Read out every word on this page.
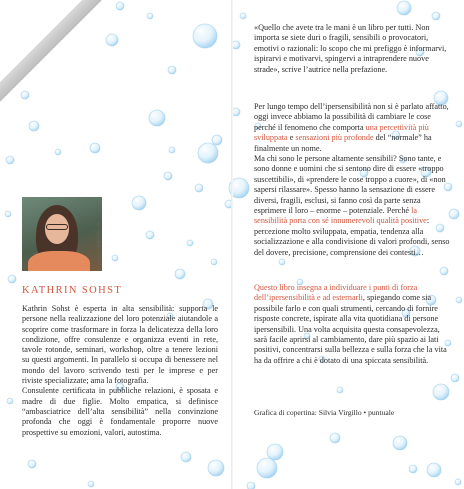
© www.KathrinSohst.de
KATHRIN SOHST

Kathrin Sohst è esperta in alta sensibilità: supporta le persone nella realizzazione del loro potenziale aiutandole a scoprire come trasformare in forza la delicatezza della loro condizione, offre consulenze e organizza eventi in rete, tavole rotonde, seminari, workshop, oltre a tenere lezioni su questi argomenti. In parallelo si occupa di benessere nel mondo del lavoro scrivendo testi per le imprese e per riviste specializzate; ama la fotografia.

Consulente certificata in pubbliche relazioni, è sposata e madre di due figlie. Molto empatica, si definisce “ambasciatrice dell’alta sensibilità” nella convinzione profonda che oggi è fondamentale proporre nuove prospettive su emozioni, valori, autostima.

«Quello che avete tra le mani è un libro per tutti. Non importa se siete duri o fragili, sensibili o provocatori, emotivi o razionali: lo scopo che mi prefiggo è informarvi, ispirarvi e motivarvi, spingervi a intraprendere nuove strade», scrive l’autrice nella prefazione.

Per lungo tempo dell’ipersensibilità non si è parlato affatto, oggi invece abbiamo la possibilità di cambiare le cose perché il fenomeno che comporta una percettività più sviluppata e sensazioni più profonde del “normale” ha finalmente un nome.

Ma chi sono le persone altamente sensibili? Sono tante, e sono donne e uomini che si sentono dire di essere «troppo suscettibili», di «prendere le cose troppo a cuore», di «non sapersi rilassare». Spesso hanno la sensazione di essere diversi, fragili, esclusi, si fanno così da parte senza esprimere il loro – enorme – potenziale. Perché la sensibilità porta con sé innumerevoli qualità positive: percezione molto sviluppata, empatia, tendenza alla socializzazione e alla condivisione di valori profondi, senso del dovere, precisione, comprensione dei contesti…

Questo libro insegna a individuare i punti di forza dell’ipersensibilità e ad esternarli, spiegando come sia possibile farlo e con quali strumenti, cercando di fornire risposte concrete, ispirate alla vita quotidiana di persone ipersensibili. Una volta acquisita questa consapevolezza, sarà facile aprirsi al cambiamento, dare più spazio ai lati positivi, concentrarsi sulla bellezza e sulla forza che la vita ha da offrire a chi è dotato di una spiccata sensibilità.

Grafica di copertina: Silvia Virgillo • puntuale
